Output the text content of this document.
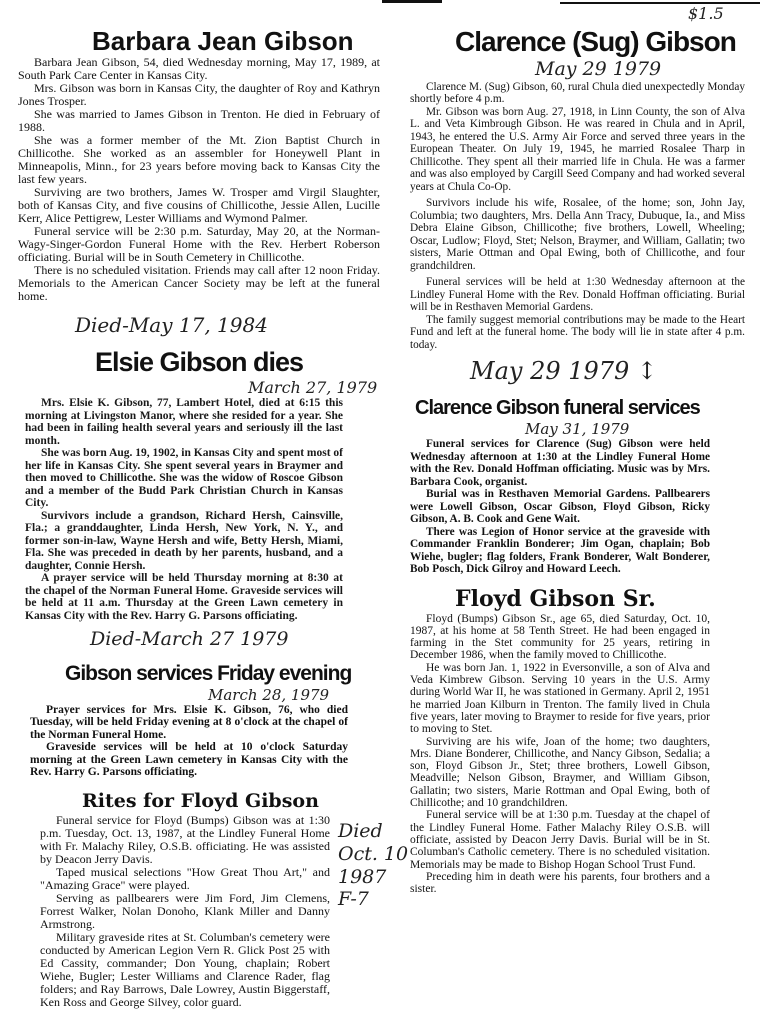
$1.5
Barbara Jean Gibson

Barbara Jean Gibson, 54, died Wednesday morning, May 17, 1989, at South Park Care Center in Kansas City.

Mrs. Gibson was born in Kansas City, the daughter of Roy and Kathryn Jones Trosper.

She was married to James Gibson in Trenton. He died in February of 1988.

She was a former member of the Mt. Zion Baptist Church in Chillicothe. She worked as an assembler for Honeywell Plant in Minneapolis, Minn., for 23 years before moving back to Kansas City the last few years.

Surviving are two brothers, James W. Trosper amd Virgil Slaughter, both of Kansas City, and five cousins of Chillicothe, Jessie Allen, Lucille Kerr, Alice Pettigrew, Lester Williams and Wymond Palmer.

Funeral service will be 2:30 p.m. Saturday, May 20, at the Norman-Wagy-Singer-Gordon Funeral Home with the Rev. Herbert Roberson officiating. Burial will be in South Cemetery in Chillicothe.

There is no scheduled visitation. Friends may call after 12 noon Friday. Memorials to the American Cancer Society may be left at the funeral home.

Died-May 17, 1984
Elsie Gibson dies
March 27, 1979

Mrs. Elsie K. Gibson, 77, Lambert Hotel, died at 6:15 this morning at Livingston Manor, where she resided for a year. She had been in failing health several years and seriously ill the last month.

She was born Aug. 19, 1902, in Kansas City and spent most of her life in Kansas City. She spent several years in Braymer and then moved to Chillicothe. She was the widow of Roscoe Gibson and a member of the Budd Park Christian Church in Kansas City.

Survivors include a grandson, Richard Hersh, Cainsville, Fla.; a granddaughter, Linda Hersh, New York, N. Y., and former son-in-law, Wayne Hersh and wife, Betty Hersh, Miami, Fla. She was preceded in death by her parents, husband, and a daughter, Connie Hersh.

A prayer service will be held Thursday morning at 8:30 at the chapel of the Norman Funeral Home. Graveside services will be held at 11 a.m. Thursday at the Green Lawn cemetery in Kansas City with the Rev. Harry G. Parsons officiating.

Died-March 27 1979
Gibson services Friday evening
March 28, 1979

Prayer services for Mrs. Elsie K. Gibson, 76, who died Tuesday, will be held Friday evening at 8 o'clock at the chapel of the Norman Funeral Home.

Graveside services will be held at 10 o'clock Saturday morning at the Green Lawn cemetery in Kansas City with the Rev. Harry G. Parsons officiating.

Rites for Floyd Gibson

Funeral service for Floyd (Bumps) Gibson was at 1:30 p.m. Tuesday, Oct. 13, 1987, at the Lindley Funeral Home with Fr. Malachy Riley, O.S.B. officiating. He was assisted by Deacon Jerry Davis.

Taped musical selections "How Great Thou Art," and "Amazing Grace" were played.

Serving as pallbearers were Jim Ford, Jim Clemens, Forrest Walker, Nolan Donoho, Klank Miller and Danny Armstrong.

Military graveside rites at St. Columban's cemetery were conducted by American Legion Vern R. Glick Post 25 with Ed Cassity, commander; Don Young, chaplain; Robert Wiehe, Bugler; Lester Williams and Clarence Rader, flag folders; and Ray Barrows, Dale Lowrey, Austin Biggerstaff, Ken Ross and George Silvey, color guard.

Died
Oct. 10
1987
F-7
Clarence (Sug) Gibson
May 29 1979

Clarence M. (Sug) Gibson, 60, rural Chula died unexpectedly Monday shortly before 4 p.m.

Mr. Gibson was born Aug. 27, 1918, in Linn County, the son of Alva L. and Veta Kimbrough Gibson. He was reared in Chula and in April, 1943, he entered the U.S. Army Air Force and served three years in the European Theater. On July 19, 1945, he married Rosalee Tharp in Chillicothe. They spent all their married life in Chula. He was a farmer and was also employed by Cargill Seed Company and had worked several years at Chula Co-Op.

Survivors include his wife, Rosalee, of the home; son, John Jay, Columbia; two daughters, Mrs. Della Ann Tracy, Dubuque, Ia., and Miss Debra Elaine Gibson, Chillicothe; five brothers, Lowell, Wheeling; Oscar, Ludlow; Floyd, Stet; Nelson, Braymer, and William, Gallatin; two sisters, Marie Ottman and Opal Ewing, both of Chillicothe, and four grandchildren.

Funeral services will be held at 1:30 Wednesday afternoon at the Lindley Funeral Home with the Rev. Donald Hoffman officiating. Burial will be in Resthaven Memorial Gardens.

The family suggest memorial contributions may be made to the Heart Fund and left at the funeral home. The body will lie in state after 4 p.m. today.

May 29 1979 ↕
Clarence Gibson funeral services
May 31, 1979

Funeral services for Clarence (Sug) Gibson were held Wednesday afternoon at 1:30 at the Lindley Funeral Home with the Rev. Donald Hoffman officiating. Music was by Mrs. Barbara Cook, organist.

Burial was in Resthaven Memorial Gardens. Pallbearers were Lowell Gibson, Oscar Gibson, Floyd Gibson, Ricky Gibson, A. B. Cook and Gene Wait.

There was Legion of Honor service at the graveside with Commander Franklin Bonderer; Jim Ogan, chaplain; Bob Wiehe, bugler; flag folders, Frank Bonderer, Walt Bonderer, Bob Posch, Dick Gilroy and Howard Leech.

Floyd Gibson Sr.

Floyd (Bumps) Gibson Sr., age 65, died Saturday, Oct. 10, 1987, at his home at 58 Tenth Street. He had been engaged in farming in the Stet community for 25 years, retiring in December 1986, when the family moved to Chillicothe.

He was born Jan. 1, 1922 in Eversonville, a son of Alva and Veda Kimbrew Gibson. Serving 10 years in the U.S. Army during World War II, he was stationed in Germany. April 2, 1951 he married Joan Kilburn in Trenton. The family lived in Chula five years, later moving to Braymer to reside for five years, prior to moving to Stet.

Surviving are his wife, Joan of the home; two daughters, Mrs. Diane Bonderer, Chillicothe, and Nancy Gibson, Sedalia; a son, Floyd Gibson Jr., Stet; three brothers, Lowell Gibson, Meadville; Nelson Gibson, Braymer, and William Gibson, Gallatin; two sisters, Marie Rottman and Opal Ewing, both of Chillicothe; and 10 grandchildren.

Funeral service will be at 1:30 p.m. Tuesday at the chapel of the Lindley Funeral Home. Father Malachy Riley O.S.B. will officiate, assisted by Deacon Jerry Davis. Burial will be in St. Columban's Catholic cemetery. There is no scheduled visitation. Memorials may be made to Bishop Hogan School Trust Fund.

Preceding him in death were his parents, four brothers and a sister.
